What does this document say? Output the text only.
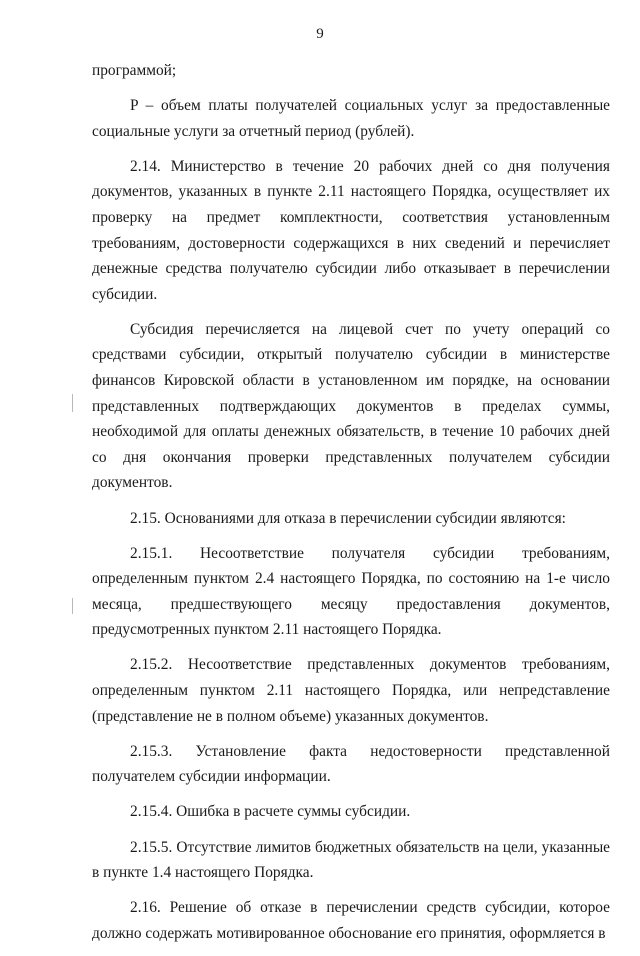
9

программой;

P – объем платы получателей социальных услуг за предоставленные социальные услуги за отчетный период (рублей).

2.14. Министерство в течение 20 рабочих дней со дня получения документов, указанных в пункте 2.11 настоящего Порядка, осуществляет их проверку на предмет комплектности, соответствия установленным требованиям, достоверности содержащихся в них сведений и перечисляет денежные средства получателю субсидии либо отказывает в перечислении субсидии.

Субсидия перечисляется на лицевой счет по учету операций со средствами субсидии, открытый получателю субсидии в министерстве финансов Кировской области в установленном им порядке, на основании представленных подтверждающих документов в пределах суммы, необходимой для оплаты денежных обязательств, в течение 10 рабочих дней со дня окончания проверки представленных получателем субсидии документов.

2.15. Основаниями для отказа в перечислении субсидии являются:

2.15.1. Несоответствие получателя субсидии требованиям, определенным пунктом 2.4 настоящего Порядка, по состоянию на 1-е число месяца, предшествующего месяцу предоставления документов, предусмотренных пунктом 2.11 настоящего Порядка.

2.15.2. Несоответствие представленных документов требованиям, определенным пунктом 2.11 настоящего Порядка, или непредставление (представление не в полном объеме) указанных документов.

2.15.3. Установление факта недостоверности представленной получателем субсидии информации.

2.15.4. Ошибка в расчете суммы субсидии.

2.15.5. Отсутствие лимитов бюджетных обязательств на цели, указанные в пункте 1.4 настоящего Порядка.

2.16. Решение об отказе в перечислении средств субсидии, которое должно содержать мотивированное обоснование его принятия, оформляется в
